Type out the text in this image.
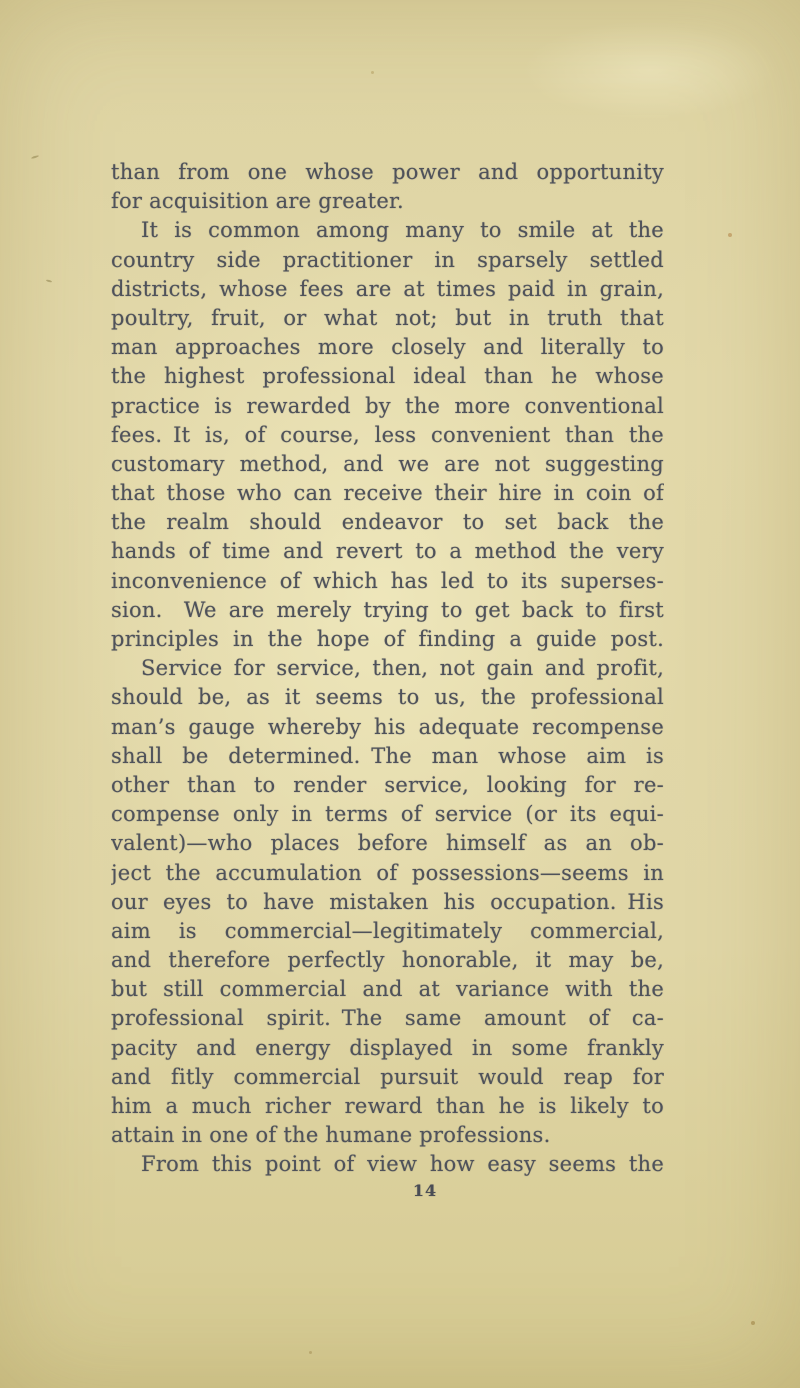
than from one whose power and opportunity
for acquisition are greater.
It is common among many to smile at the
country side practitioner in sparsely settled
districts, whose fees are at times paid in grain,
poultry, fruit, or what not; but in truth that
man approaches more closely and literally to
the highest professional ideal than he whose
practice is rewarded by the more conventional
fees. It is, of course, less convenient than the
customary method, and we are not suggesting
that those who can receive their hire in coin of
the realm should endeavor to set back the
hands of time and revert to a method the very
inconvenience of which has led to its superses-
sion. We are merely trying to get back to first
principles in the hope of finding a guide post.
Service for service, then, not gain and profit,
should be, as it seems to us, the professional
man’s gauge whereby his adequate recompense
shall be determined. The man whose aim is
other than to render service, looking for re-
compense only in terms of service (or its equi-
valent)—who places before himself as an ob-
ject the accumulation of possessions—seems in
our eyes to have mistaken his occupation. His
aim is commercial—legitimately commercial,
and therefore perfectly honorable, it may be,
but still commercial and at variance with the
professional spirit. The same amount of ca-
pacity and energy displayed in some frankly
and fitly commercial pursuit would reap for
him a much richer reward than he is likely to
attain in one of the humane professions.
From this point of view how easy seems the
14
